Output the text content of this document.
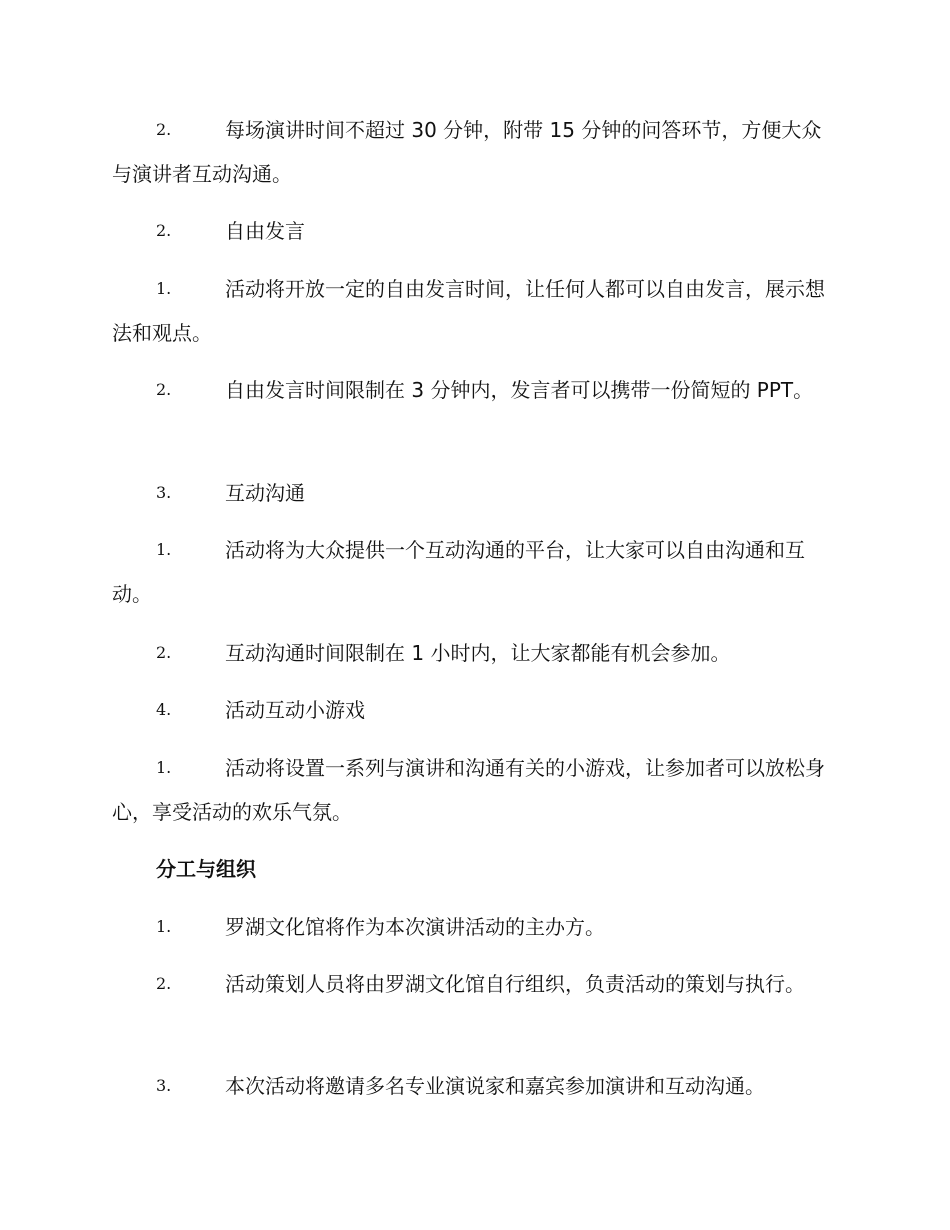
2.	每场演讲时间不超过 30 分钟，附带 15 分钟的问答环节，方便大众与演讲者互动沟通。
2.	自由发言
1.	活动将开放一定的自由发言时间，让任何人都可以自由发言，展示想法和观点。
2.	自由发言时间限制在 3 分钟内，发言者可以携带一份简短的 PPT。
3.	互动沟通
1.	活动将为大众提供一个互动沟通的平台，让大家可以自由沟通和互动。
2.	互动沟通时间限制在 1 小时内，让大家都能有机会参加。
4.	活动互动小游戏
1.	活动将设置一系列与演讲和沟通有关的小游戏，让参加者可以放松身心，享受活动的欢乐气氛。
分工与组织
1.	罗湖文化馆将作为本次演讲活动的主办方。
2.	活动策划人员将由罗湖文化馆自行组织，负责活动的策划与执行。
3.	本次活动将邀请多名专业演说家和嘉宾参加演讲和互动沟通。
